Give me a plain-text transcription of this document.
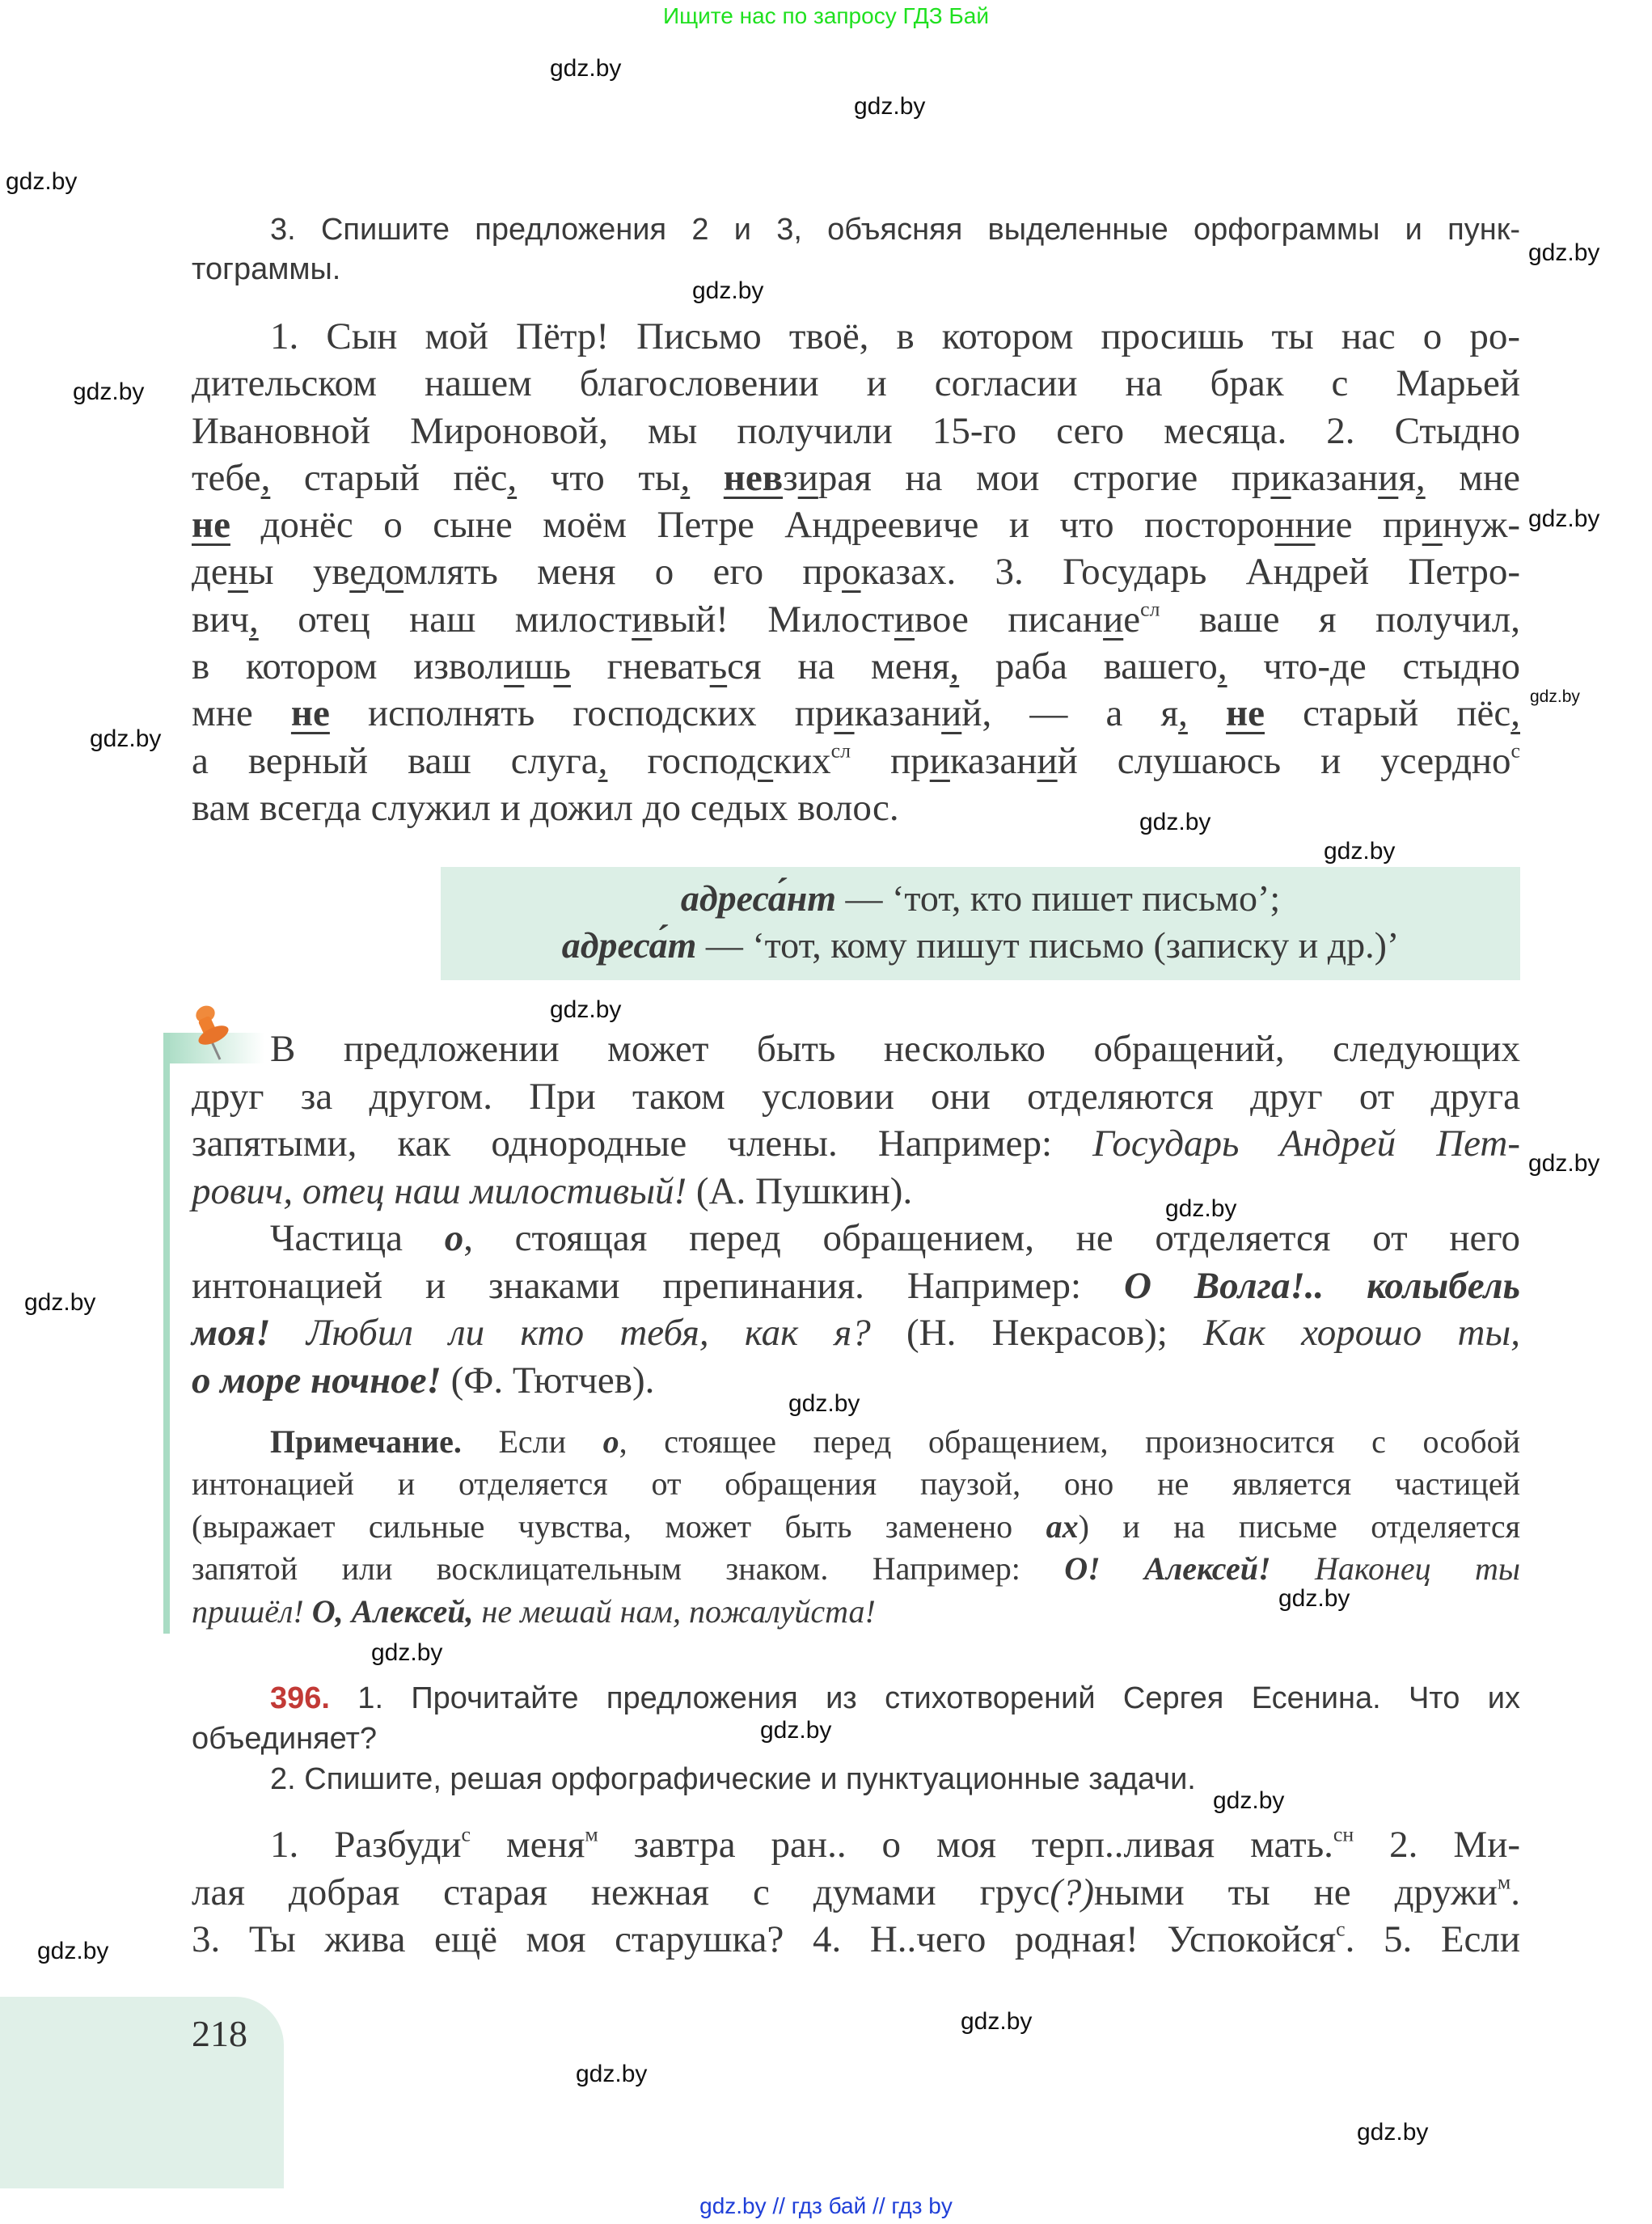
Ищите нас по запросу ГДЗ Бай
3. Спишите предложения 2 и 3, объясняя выделенные орфограммы и пунк-
тограммы.
1. Сын мой Пётр! Письмо твоё, в котором просишь ты нас о ро-
дительском нашем благословении и согласии на брак с Марьей
Ивановной Мироновой, мы получили 15-го сего месяца. 2. Стыдно
тебе, старый пёс, что ты, невзирая на мои строгие приказания, мне
не донёс о сыне моём Петре Андреевиче и что посторонние принуж-
дены уведомлять меня о его проказах. 3. Государь Андрей Петро-
вич, отец наш милостивый! Милостивое писание$^{сл}$ ваше я получил,
в котором изволишь гневаться на меня, раба вашего, что-де стыдно
мне не исполнять господских приказаний, — а я, не старый пёс,
а верный ваш слуга, господских$^{сл}$ приказаний слушаюсь и усердно$^с$
вам всегда служил и дожил до седых волос.
адреса́нт — ‘тот, кто пишет письмо’;
адреса́т — ‘тот, кому пишут письмо (записку и др.)’
В предложении может быть несколько обращений, следующих
друг за другом. При таком условии они отделяются друг от друга
запятыми, как однородные члены. Например: Государь Андрей Пет-
рович, отец наш милостивый! (А. Пушкин).
Частица о, стоящая перед обращением, не отделяется от него
интонацией и знаками препинания. Например: О Волга!.. колыбель
моя! Любил ли кто тебя, как я? (Н. Некрасов); Как хорошо ты,
о море ночное! (Ф. Тютчев).
Примечание. Если о, стоящее перед обращением, произносится с особой
интонацией и отделяется от обращения паузой, оно не является частицей
(выражает сильные чувства, может быть заменено ах) и на письме отделяется
запятой или восклицательным знаком. Например: О! Алексей! Наконец ты
пришёл! О, Алексей, не мешай нам, пожалуйста!
396. 1. Прочитайте предложения из стихотворений Сергея Есенина. Что их
объединяет?
2. Спишите, решая орфографические и пунктуационные задачи.
1. Разбуди$^с$ меня$^м$ завтра ран.. о моя терп..ливая мать.$^{сн}$ 2. Ми-
лая добрая старая нежная с думами грус(?)ными ты не дружи$^м$.
3. Ты жива ещё моя старушка? 4. Н..чего родная! Успокойся$^с$. 5. Если
218
gdz.by // гдз бай // гдз by
gdz.by
gdz.by
gdz.by
gdz.by
gdz.by
gdz.by
gdz.by
gdz.by
gdz.by
gdz.by
gdz.by
gdz.by
gdz.by
gdz.by
gdz.by
gdz.by
gdz.by
gdz.by
gdz.by
gdz.by
gdz.by
gdz.by
gdz.by
gdz.by
